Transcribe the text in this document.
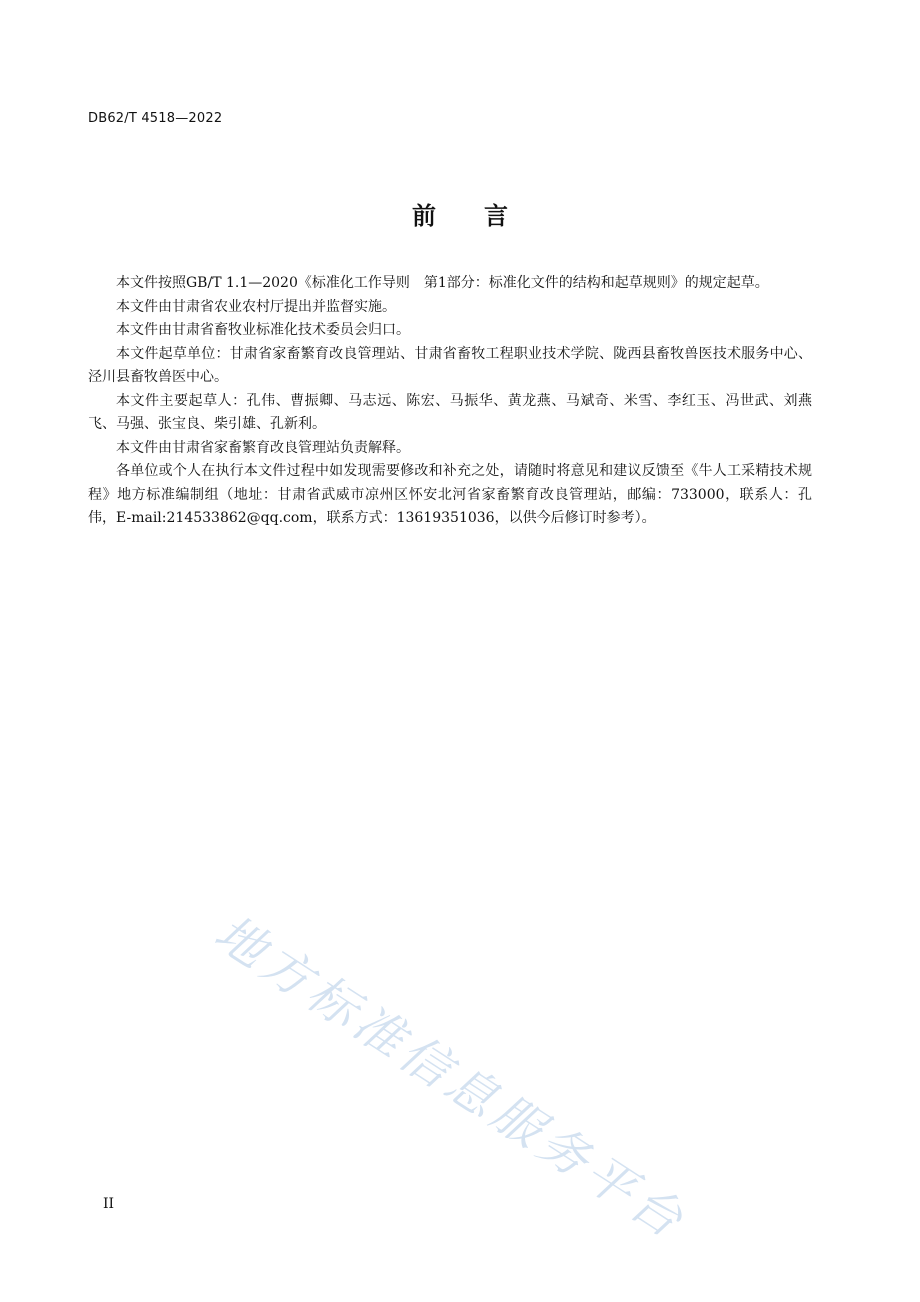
DB62/T 4518—2022
前　　言

本文件按照GB/T 1.1—2020《标准化工作导则　第1部分：标准化文件的结构和起草规则》的规定起草。

本文件由甘肃省农业农村厅提出并监督实施。

本文件由甘肃省畜牧业标准化技术委员会归口。

本文件起草单位：甘肃省家畜繁育改良管理站、甘肃省畜牧工程职业技术学院、陇西县畜牧兽医技术服务中心、泾川县畜牧兽医中心。

本文件主要起草人：孔伟、曹振卿、马志远、陈宏、马振华、黄龙燕、马斌奇、米雪、李红玉、冯世武、刘燕飞、马强、张宝良、柴引雄、孔新利。

本文件由甘肃省家畜繁育改良管理站负责解释。

各单位或个人在执行本文件过程中如发现需要修改和补充之处，请随时将意见和建议反馈至《牛人工采精技术规程》地方标准编制组（地址：甘肃省武威市凉州区怀安北河省家畜繁育改良管理站，邮编：733000，联系人：孔伟，E-mail:214533862@qq.com，联系方式：13619351036，以供今后修订时参考）。

地方标准信息服务平台
II
